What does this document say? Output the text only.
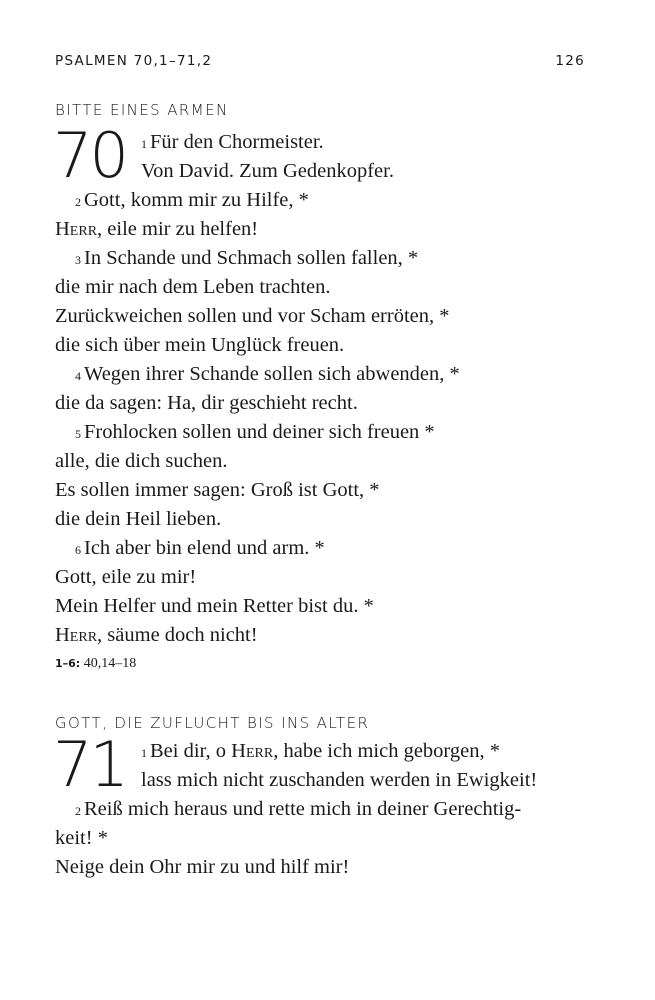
PSALMEN 70,1–71,2	126
BITTE EINES ARMEN
70	1 Für den Chormeister.
Von David. Zum Gedenkopfer.
2 Gott, komm mir zu Hilfe, *
Herr, eile mir zu helfen!
3 In Schande und Schmach sollen fallen, *
die mir nach dem Leben trachten.
Zurückweichen sollen und vor Scham erröten, *
die sich über mein Unglück freuen.
4 Wegen ihrer Schande sollen sich abwenden, *
die da sagen: Ha, dir geschieht recht.
5 Frohlocken sollen und deiner sich freuen *
alle, die dich suchen.
Es sollen immer sagen: Groß ist Gott, *
die dein Heil lieben.
6 Ich aber bin elend und arm. *
Gott, eile zu mir!
Mein Helfer und mein Retter bist du. *
Herr, säume doch nicht!
1–6: 40,14–18
GOTT, DIE ZUFLUCHT BIS INS ALTER
71	1 Bei dir, o Herr, habe ich mich geborgen, *
lass mich nicht zuschanden werden in Ewigkeit!
2 Reiß mich heraus und rette mich in deiner Gerechtig-
keit! *
Neige dein Ohr mir zu und hilf mir!
